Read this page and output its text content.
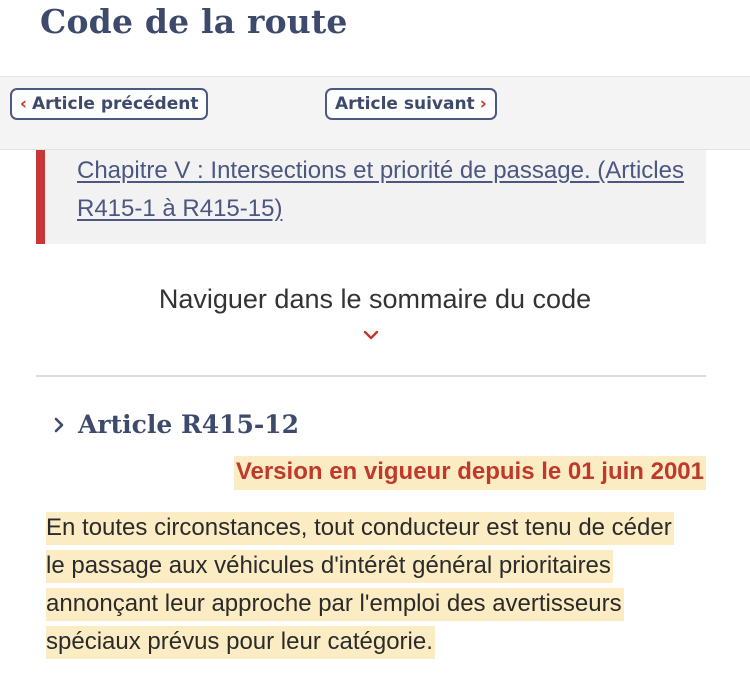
Code de la route
‹ Article précédent	Article suivant ›
Chapitre V : Intersections et priorité de passage. (Articles R415-1 à R415-15)
Naviguer dans le sommaire du code
Article R415-12
Version en vigueur depuis le 01 juin 2001

En toutes circonstances, tout conducteur est tenu de céder le passage aux véhicules d'intérêt général prioritaires annonçant leur approche par l'emploi des avertisseurs spéciaux prévus pour leur catégorie.
